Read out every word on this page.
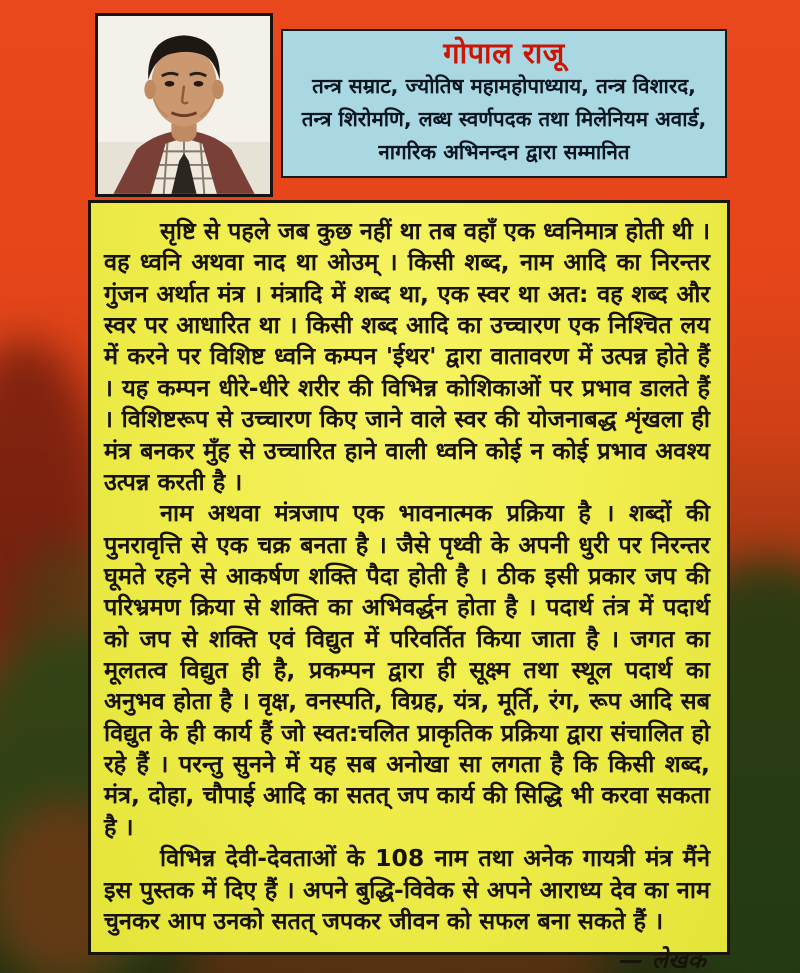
गोपाल राजू
तन्त्र सम्राट, ज्योतिष महामहोपाध्याय, तन्त्र विशारद,
तन्त्र शिरोमणि, लब्ध स्वर्णपदक तथा मिलेनियम अवार्ड,
नागरिक अभिनन्दन द्वारा सम्मानित

सृष्टि से पहले जब कुछ नहीं था तब वहाँ एक ध्वनिमात्र होती थी । वह ध्वनि अथवा नाद था ओउम् । किसी शब्द, नाम आदि का निरन्तर गुंजन अर्थात मंत्र । मंत्रादि में शब्द था, एक स्वर था अत: वह शब्द और स्वर पर आधारित था । किसी शब्द आदि का उच्चारण एक निश्चित लय में करने पर विशिष्ट ध्वनि कम्पन 'ईथर' द्वारा वातावरण में उत्पन्न होते हैं । यह कम्पन धीरे-धीरे शरीर की विभिन्न कोशिकाओं पर प्रभाव डालते हैं । विशिष्टरूप से उच्चारण किए जाने वाले स्वर की योजनाबद्ध शृंखला ही मंत्र बनकर मुँह से उच्चारित हाने वाली ध्वनि कोई न कोई प्रभाव अवश्य उत्पन्न करती है ।

नाम अथवा मंत्रजाप एक भावनात्मक प्रक्रिया है । शब्दों की पुनरावृत्ति से एक चक्र बनता है । जैसे पृथ्वी के अपनी धुरी पर निरन्तर घूमते रहने से आकर्षण शक्ति पैदा होती है । ठीक इसी प्रकार जप की परिभ्रमण क्रिया से शक्ति का अभिवर्द्धन होता है । पदार्थ तंत्र में पदार्थ को जप से शक्ति एवं विद्युत में परिवर्तित किया जाता है । जगत का मूलतत्व विद्युत ही है, प्रकम्पन द्वारा ही सूक्ष्म तथा स्थूल पदार्थ का अनुभव होता है । वृक्ष, वनस्पति, विग्रह, यंत्र, मूर्ति, रंग, रूप आदि सब विद्युत के ही कार्य हैं जो स्वत:चलित प्राकृतिक प्रक्रिया द्वारा संचालित हो रहे हैं । परन्तु सुनने में यह सब अनोखा सा लगता है कि किसी शब्द, मंत्र, दोहा, चौपाई आदि का सतत् जप कार्य की सिद्धि भी करवा सकता है ।

विभिन्न देवी-देवताओं के 108 नाम तथा अनेक गायत्री मंत्र मैंने इस पुस्तक में दिए हैं । अपने बुद्धि-विवेक से अपने आराध्य देव का नाम चुनकर आप उनको सतत् जपकर जीवन को सफल बना सकते हैं ।

— लेखक
